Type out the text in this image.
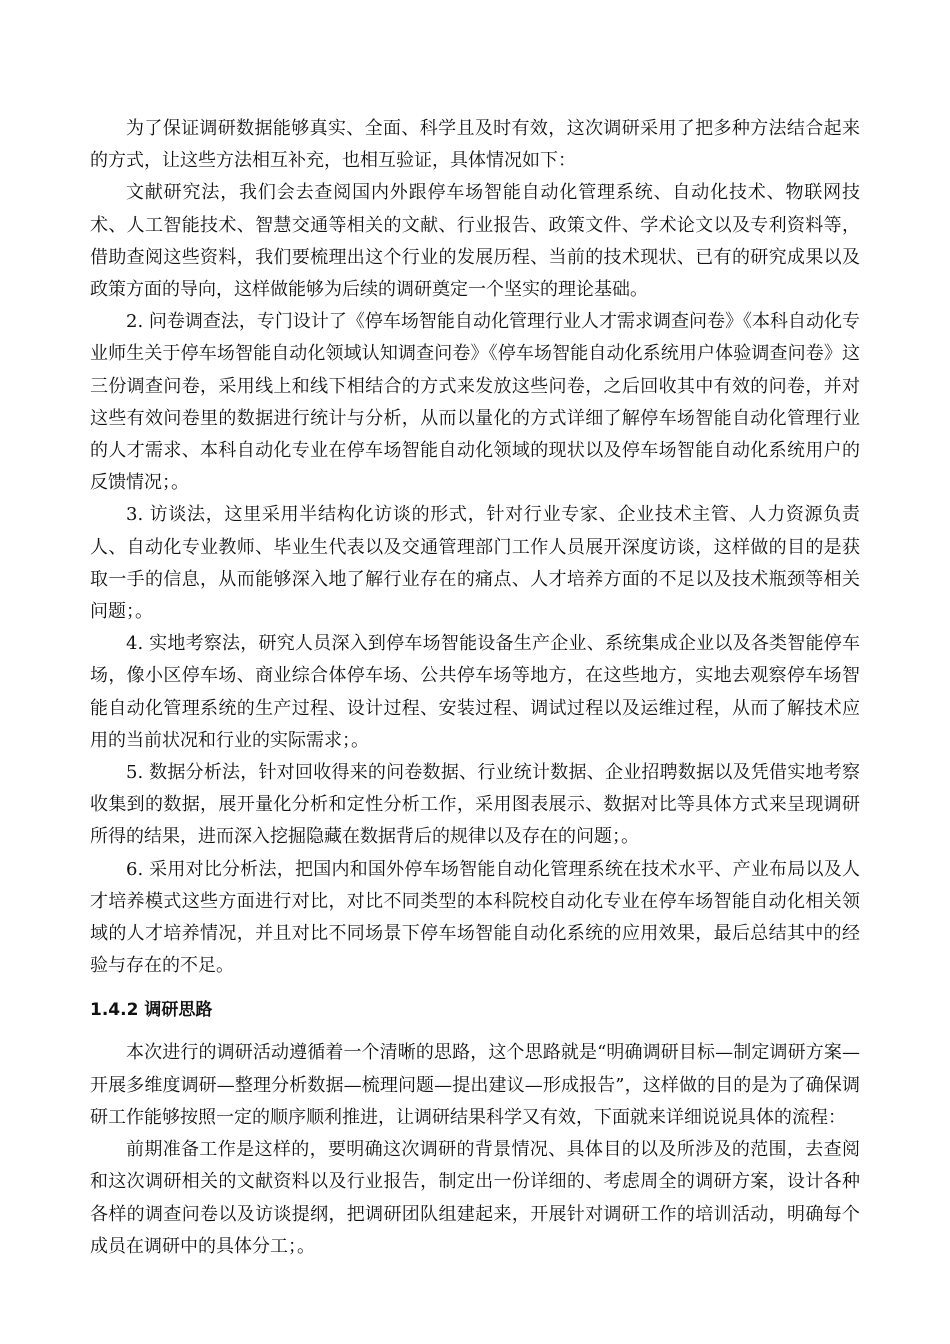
为了保证调研数据能够真实、全面、科学且及时有效，这次调研采用了把多种方法结合起来的方式，让这些方法相互补充，也相互验证，具体情况如下：

文献研究法，我们会去查阅国内外跟停车场智能自动化管理系统、自动化技术、物联网技术、人工智能技术、智慧交通等相关的文献、行业报告、政策文件、学术论文以及专利资料等，借助查阅这些资料，我们要梳理出这个行业的发展历程、当前的技术现状、已有的研究成果以及政策方面的导向，这样做能够为后续的调研奠定一个坚实的理论基础。

2. 问卷调查法，专门设计了《停车场智能自动化管理行业人才需求调查问卷》《本科自动化专业师生关于停车场智能自动化领域认知调查问卷》《停车场智能自动化系统用户体验调查问卷》这三份调查问卷，采用线上和线下相结合的方式来发放这些问卷，之后回收其中有效的问卷，并对这些有效问卷里的数据进行统计与分析，从而以量化的方式详细了解停车场智能自动化管理行业的人才需求、本科自动化专业在停车场智能自动化领域的现状以及停车场智能自动化系统用户的反馈情况；。

3. 访谈法，这里采用半结构化访谈的形式，针对行业专家、企业技术主管、人力资源负责人、自动化专业教师、毕业生代表以及交通管理部门工作人员展开深度访谈，这样做的目的是获取一手的信息，从而能够深入地了解行业存在的痛点、人才培养方面的不足以及技术瓶颈等相关问题；。

4. 实地考察法，研究人员深入到停车场智能设备生产企业、系统集成企业以及各类智能停车场，像小区停车场、商业综合体停车场、公共停车场等地方，在这些地方，实地去观察停车场智能自动化管理系统的生产过程、设计过程、安装过程、调试过程以及运维过程，从而了解技术应用的当前状况和行业的实际需求；。

5. 数据分析法，针对回收得来的问卷数据、行业统计数据、企业招聘数据以及凭借实地考察收集到的数据，展开量化分析和定性分析工作，采用图表展示、数据对比等具体方式来呈现调研所得的结果，进而深入挖掘隐藏在数据背后的规律以及存在的问题；。

6. 采用对比分析法，把国内和国外停车场智能自动化管理系统在技术水平、产业布局以及人才培养模式这些方面进行对比，对比不同类型的本科院校自动化专业在停车场智能自动化相关领域的人才培养情况，并且对比不同场景下停车场智能自动化系统的应用效果，最后总结其中的经验与存在的不足。

1.4.2 调研思路

本次进行的调研活动遵循着一个清晰的思路，这个思路就是“明确调研目标—制定调研方案—开展多维度调研—整理分析数据—梳理问题—提出建议—形成报告”，这样做的目的是为了确保调研工作能够按照一定的顺序顺利推进，让调研结果科学又有效，下面就来详细说说具体的流程：

前期准备工作是这样的，要明确这次调研的背景情况、具体目的以及所涉及的范围，去查阅和这次调研相关的文献资料以及行业报告，制定出一份详细的、考虑周全的调研方案，设计各种各样的调查问卷以及访谈提纲，把调研团队组建起来，开展针对调研工作的培训活动，明确每个成员在调研中的具体分工；。
